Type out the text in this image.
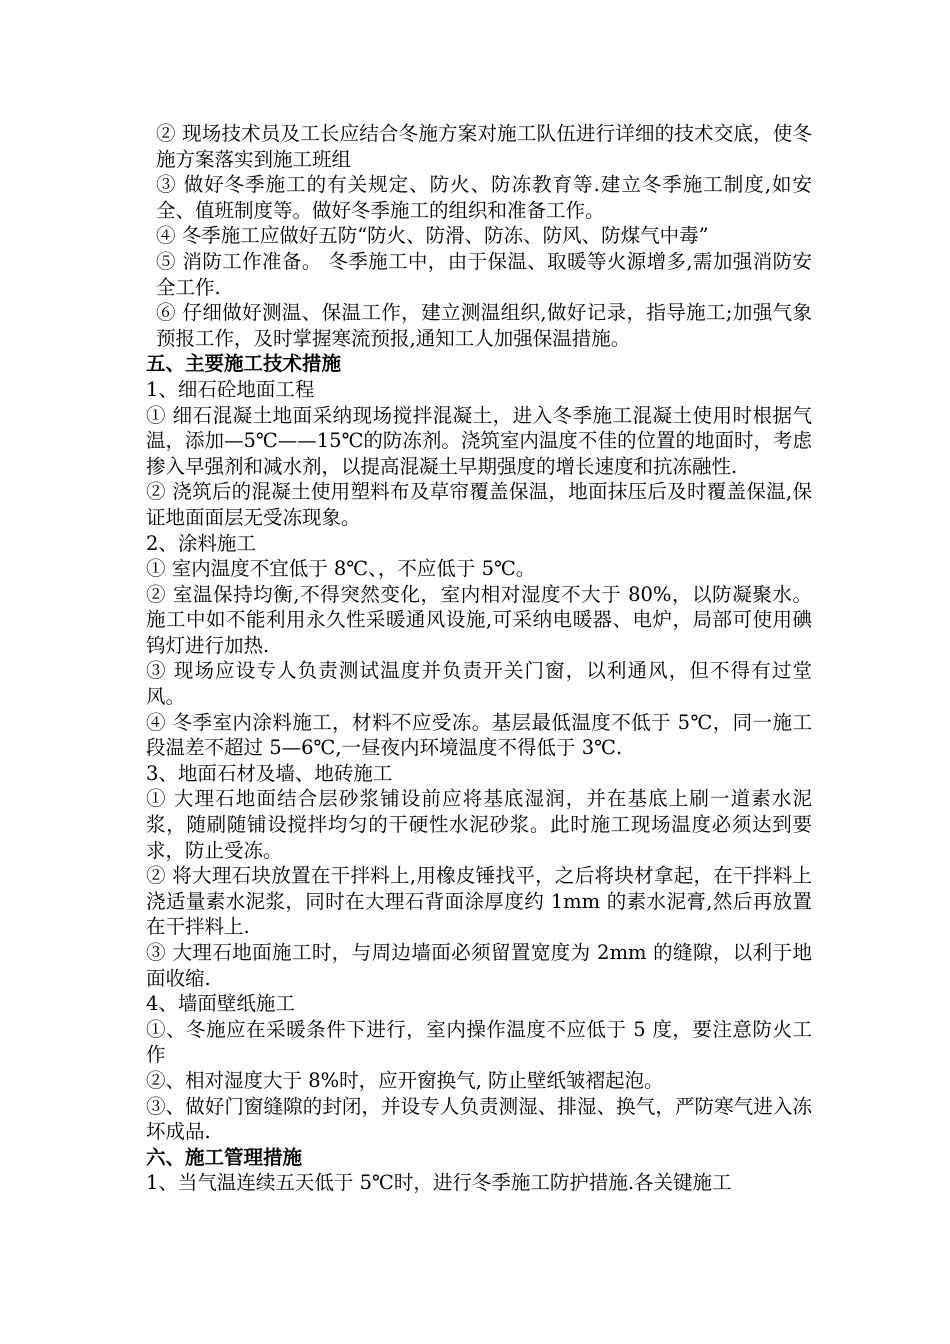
② 现场技术员及工长应结合冬施方案对施工队伍进行详细的技术交底，使冬施方案落实到施工班组

③ 做好冬季施工的有关规定、防火、防冻教育等.建立冬季施工制度,如安全、值班制度等。做好冬季施工的组织和准备工作。

④ 冬季施工应做好五防“防火、防滑、防冻、防风、防煤气中毒”

⑤ 消防工作准备。 冬季施工中，由于保温、取暖等火源增多,需加强消防安全工作.

⑥ 仔细做好测温、保温工作，建立测温组织,做好记录，指导施工;加强气象预报工作，及时掌握寒流预报,通知工人加强保温措施。

五、主要施工技术措施

1、细石砼地面工程

① 细石混凝土地面采纳现场搅拌混凝土，进入冬季施工混凝土使用时根据气温，添加—5℃——15℃的防冻剂。浇筑室内温度不佳的位置的地面时，考虑掺入早强剂和减水剂，以提高混凝土早期强度的增长速度和抗冻融性.

② 浇筑后的混凝土使用塑料布及草帘覆盖保温，地面抹压后及时覆盖保温,保证地面面层无受冻现象。

2、涂料施工

① 室内温度不宜低于 8℃、，不应低于 5℃。

② 室温保持均衡,不得突然变化，室内相对湿度不大于 80%，以防凝聚水。施工中如不能利用永久性采暖通风设施,可采纳电暖器、电炉，局部可使用碘钨灯进行加热.

③ 现场应设专人负责测试温度并负责开关门窗，以利通风，但不得有过堂风。

④ 冬季室内涂料施工，材料不应受冻。基层最低温度不低于 5℃，同一施工段温差不超过 5—6℃,一昼夜内环境温度不得低于 3℃.

3、地面石材及墙、地砖施工

① 大理石地面结合层砂浆铺设前应将基底湿润，并在基底上刷一道素水泥浆，随刷随铺设搅拌均匀的干硬性水泥砂浆。此时施工现场温度必须达到要求，防止受冻。

② 将大理石块放置在干拌料上,用橡皮锤找平，之后将块材拿起，在干拌料上浇适量素水泥浆，同时在大理石背面涂厚度约 1mm 的素水泥膏,然后再放置在干拌料上.

③ 大理石地面施工时，与周边墙面必须留置宽度为 2mm 的缝隙，以利于地面收缩.

4、墙面壁纸施工

①、冬施应在采暖条件下进行，室内操作温度不应低于 5 度，要注意防火工作

②、相对湿度大于 8%时，应开窗换气, 防止壁纸皱褶起泡。

③、做好门窗缝隙的封闭，并设专人负责测湿、排湿、换气，严防寒气进入冻坏成品.

六、施工管理措施

1、当气温连续五天低于 5℃时，进行冬季施工防护措施.各关键施工
